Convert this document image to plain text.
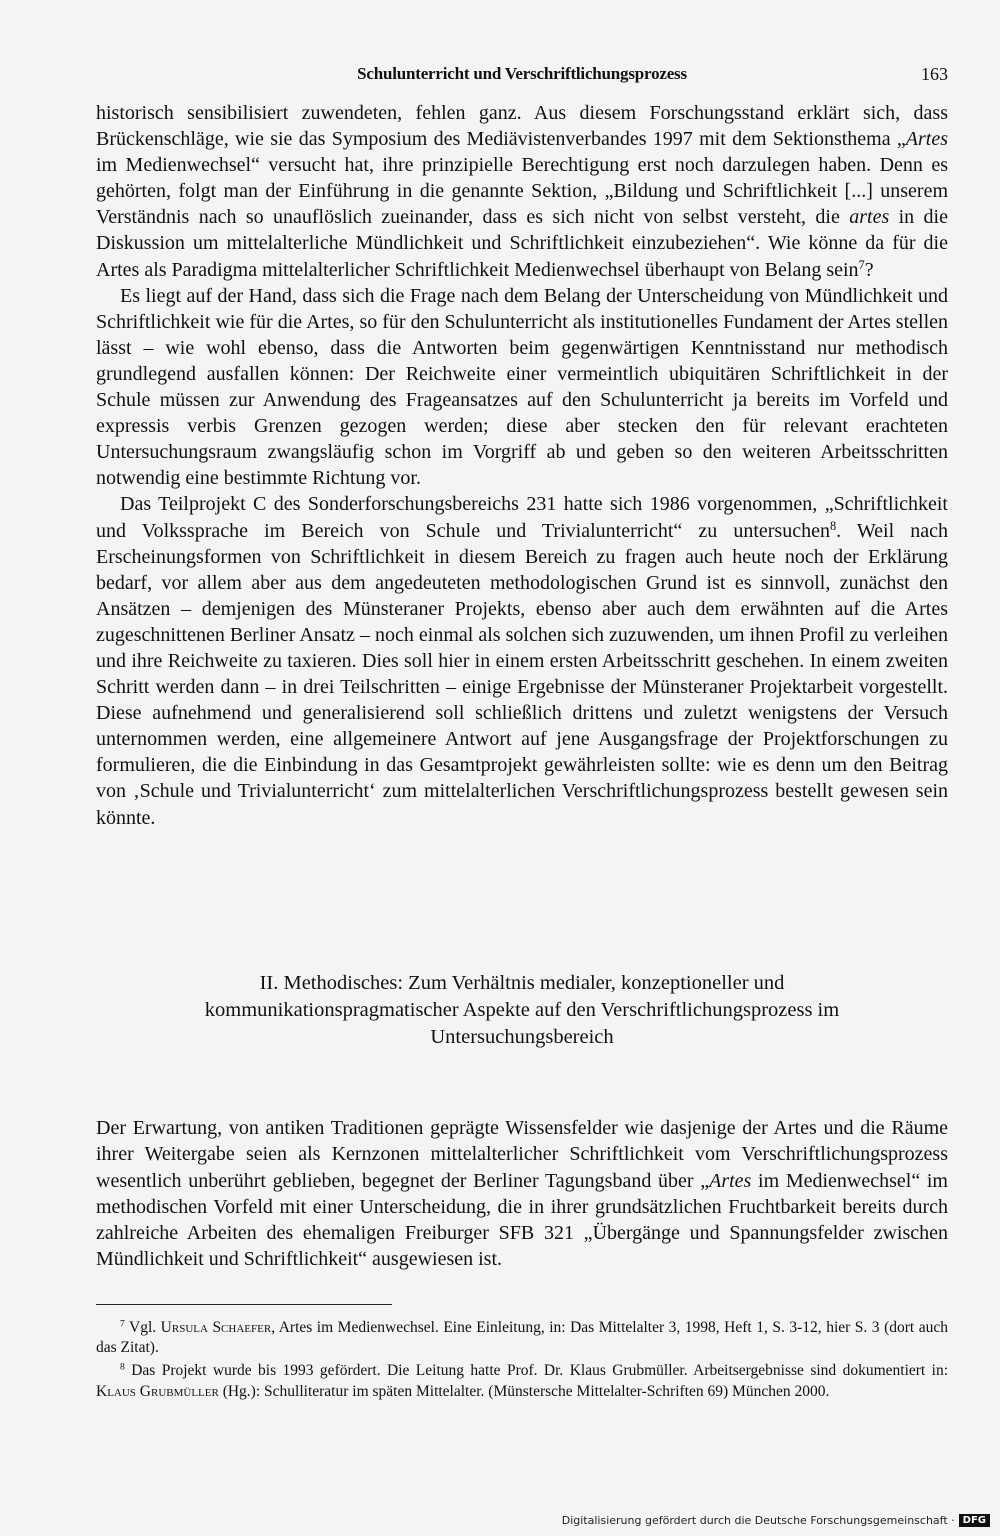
Schulunterricht und Verschriftlichungsprozess	163

historisch sensibilisiert zuwendeten, fehlen ganz. Aus diesem Forschungsstand erklärt sich, dass Brückenschläge, wie sie das Symposium des Mediävistenverbandes 1997 mit dem Sektionsthema „Artes im Medienwechsel“ versucht hat, ihre prinzipielle Berechtigung erst noch darzulegen haben. Denn es gehörten, folgt man der Einführung in die genannte Sektion, „Bildung und Schriftlichkeit [...] unserem Verständnis nach so unauflöslich zueinander, dass es sich nicht von selbst versteht, die artes in die Diskussion um mittelalterliche Mündlichkeit und Schriftlichkeit einzubeziehen“. Wie könne da für die Artes als Paradigma mittelalterlicher Schriftlichkeit Medienwechsel überhaupt von Belang sein$^7$?

Es liegt auf der Hand, dass sich die Frage nach dem Belang der Unterscheidung von Mündlichkeit und Schriftlichkeit wie für die Artes, so für den Schulunterricht als institutionelles Fundament der Artes stellen lässt – wie wohl ebenso, dass die Antworten beim gegenwärtigen Kenntnisstand nur methodisch grundlegend ausfallen können: Der Reichweite einer vermeintlich ubiquitären Schriftlichkeit in der Schule müssen zur Anwendung des Frageansatzes auf den Schulunterricht ja bereits im Vorfeld und expressis verbis Grenzen gezogen werden; diese aber stecken den für relevant erachteten Untersuchungsraum zwangsläufig schon im Vorgriff ab und geben so den weiteren Arbeitsschritten notwendig eine bestimmte Richtung vor.

Das Teilprojekt C des Sonderforschungsbereichs 231 hatte sich 1986 vorgenommen, „Schriftlichkeit und Volkssprache im Bereich von Schule und Trivialunterricht“ zu untersuchen$^8$. Weil nach Erscheinungsformen von Schriftlichkeit in diesem Bereich zu fragen auch heute noch der Erklärung bedarf, vor allem aber aus dem angedeuteten methodologischen Grund ist es sinnvoll, zunächst den Ansätzen – demjenigen des Münsteraner Projekts, ebenso aber auch dem erwähnten auf die Artes zugeschnittenen Berliner Ansatz – noch einmal als solchen sich zuzuwenden, um ihnen Profil zu verleihen und ihre Reichweite zu taxieren. Dies soll hier in einem ersten Arbeitsschritt geschehen. In einem zweiten Schritt werden dann – in drei Teilschritten – einige Ergebnisse der Münsteraner Projektarbeit vorgestellt. Diese aufnehmend und generalisierend soll schließlich drittens und zuletzt wenigstens der Versuch unternommen werden, eine allgemeinere Antwort auf jene Ausgangsfrage der Projektforschungen zu formulieren, die die Einbindung in das Gesamtprojekt gewährleisten sollte: wie es denn um den Beitrag von ‚Schule und Trivialunterricht‘ zum mittelalterlichen Verschriftlichungsprozess bestellt gewesen sein könnte.

II. Methodisches: Zum Verhältnis medialer, konzeptioneller und
kommunikationspragmatischer Aspekte auf den Verschriftlichungsprozess im
Untersuchungsbereich

Der Erwartung, von antiken Traditionen geprägte Wissensfelder wie dasjenige der Artes und die Räume ihrer Weitergabe seien als Kernzonen mittelalterlicher Schriftlichkeit vom Verschriftlichungsprozess wesentlich unberührt geblieben, begegnet der Berliner Tagungsband über „Artes im Medienwechsel“ im methodischen Vorfeld mit einer Unterscheidung, die in ihrer grundsätzlichen Fruchtbarkeit bereits durch zahlreiche Arbeiten des ehemaligen Freiburger SFB 321 „Übergänge und Spannungsfelder zwischen Mündlichkeit und Schriftlichkeit“ ausgewiesen ist.

$^7$ Vgl. Ursula Schaefer, Artes im Medienwechsel. Eine Einleitung, in: Das Mittelalter 3, 1998, Heft 1, S. 3-12, hier S. 3 (dort auch das Zitat).

$^8$ Das Projekt wurde bis 1993 gefördert. Die Leitung hatte Prof. Dr. Klaus Grubmüller. Arbeitsergebnisse sind dokumentiert in: Klaus Grubmüller (Hg.): Schulliteratur im späten Mittelalter. (Münstersche Mittelalter-Schriften 69) München 2000.

Digitalisierung gefördert durch die Deutsche Forschungsgemeinschaft · DFG
